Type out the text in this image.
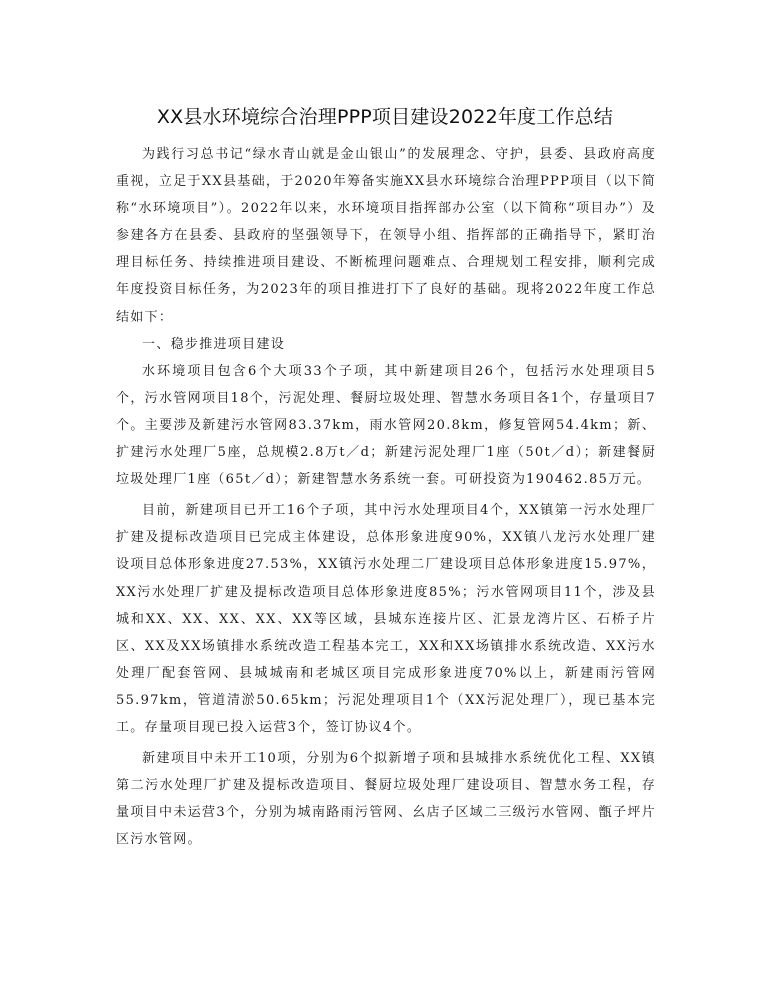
XX县水环境综合治理PPP项目建设2022年度工作总结

为践行习总书记“绿水青山就是金山银山”的发展理念、守护，县委、县政府高度重视，立足于XX县基础，于2020年筹备实施XX县水环境综合治理PPP项目（以下简称“水环境项目”）。2022年以来，水环境项目指挥部办公室（以下简称“项目办”）及参建各方在县委、县政府的坚强领导下，在领导小组、指挥部的正确指导下，紧盯治理目标任务、持续推进项目建设、不断梳理问题难点、合理规划工程安排，顺利完成年度投资目标任务，为2023年的项目推进打下了良好的基础。现将2022年度工作总结如下：

一、稳步推进项目建设

水环境项目包含6个大项33个子项，其中新建项目26个，包括污水处理项目5个，污水管网项目18个，污泥处理、餐厨垃圾处理、智慧水务项目各1个，存量项目7个。主要涉及新建污水管网83.37km，雨水管网20.8km，修复管网54.4km；新、扩建污水处理厂5座，总规模2.8万t／d；新建污泥处理厂1座（50t／d）；新建餐厨垃圾处理厂1座（65t／d）；新建智慧水务系统一套。可研投资为190462.85万元。

目前，新建项目已开工16个子项，其中污水处理项目4个，XX镇第一污水处理厂扩建及提标改造项目已完成主体建设，总体形象进度90%，XX镇八龙污水处理厂建设项目总体形象进度27.53%，XX镇污水处理二厂建设项目总体形象进度15.97%，XX污水处理厂扩建及提标改造项目总体形象进度85%；污水管网项目11个，涉及县城和XX、XX、XX、XX、XX等区域，县城东连接片区、汇景龙湾片区、石桥子片区、XX及XX场镇排水系统改造工程基本完工，XX和XX场镇排水系统改造、XX污水处理厂配套管网、县城城南和老城区项目完成形象进度70%以上，新建雨污管网55.97km，管道清淤50.65km；污泥处理项目1个（XX污泥处理厂），现已基本完工。存量项目现已投入运营3个，签订协议4个。

新建项目中未开工10项，分别为6个拟新增子项和县城排水系统优化工程、XX镇第二污水处理厂扩建及提标改造项目、餐厨垃圾处理厂建设项目、智慧水务工程，存量项目中未运营3个，分别为城南路雨污管网、幺店子区域二三级污水管网、甑子坪片区污水管网。
